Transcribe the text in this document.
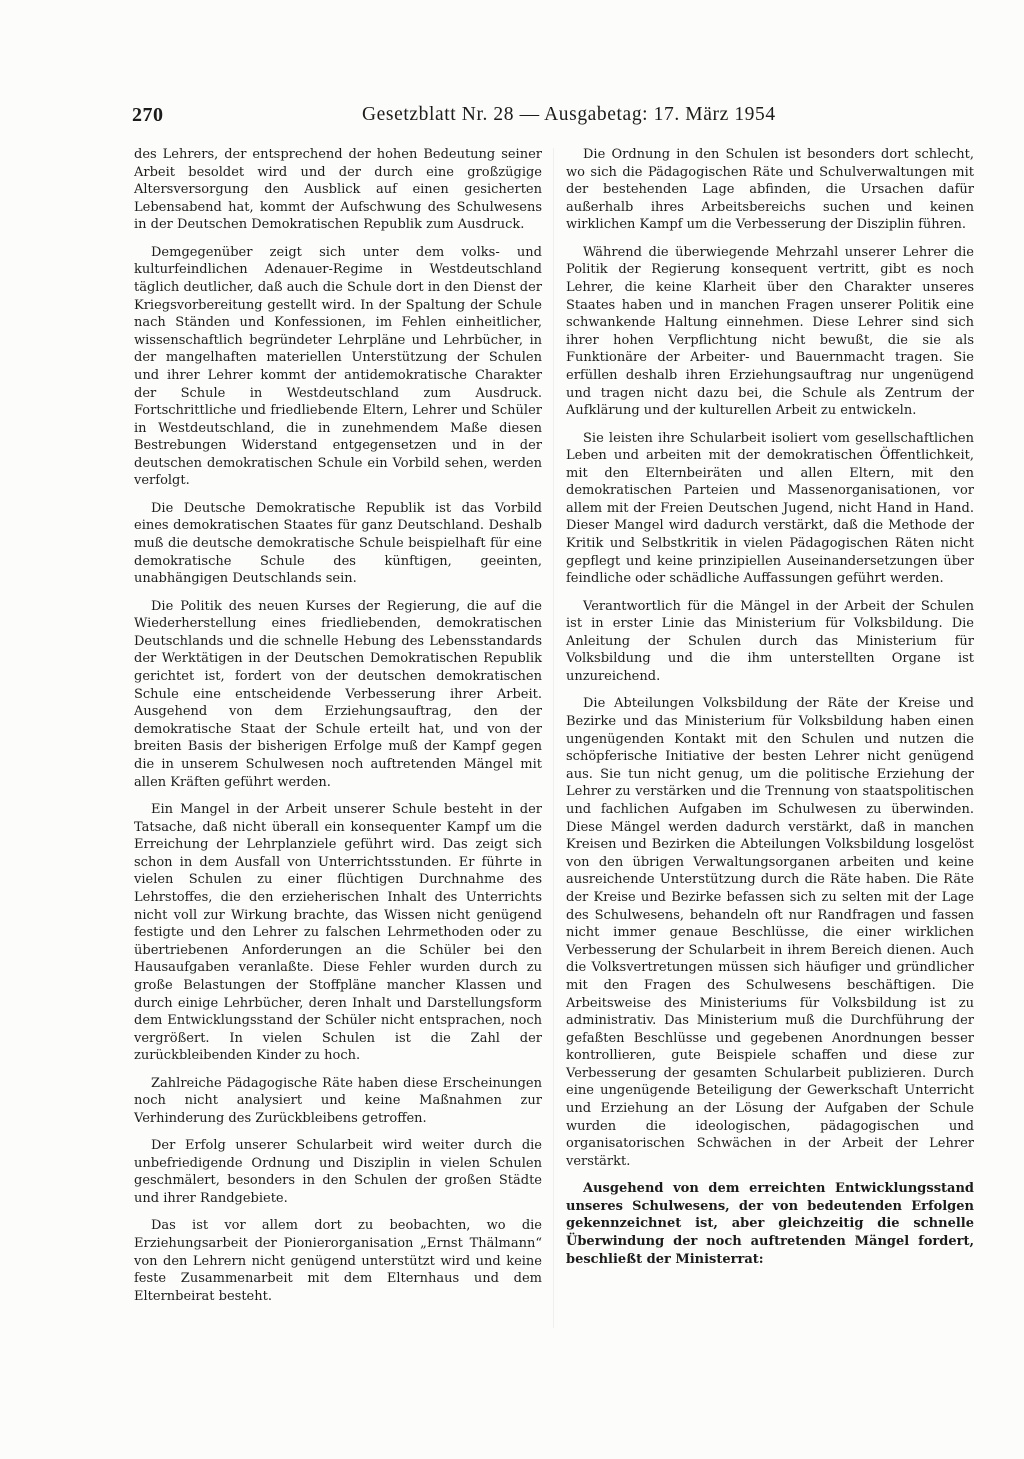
270	Gesetzblatt Nr. 28 — Ausgabetag: 17. März 1954

des Lehrers, der entsprechend der hohen Bedeutung seiner Arbeit besoldet wird und der durch eine großzügige Altersversorgung den Ausblick auf einen gesicherten Lebensabend hat, kommt der Aufschwung des Schulwesens in der Deutschen Demokratischen Republik zum Ausdruck.

Demgegenüber zeigt sich unter dem volks- und kulturfeindlichen Adenauer-Regime in Westdeutschland täglich deutlicher, daß auch die Schule dort in den Dienst der Kriegsvorbereitung gestellt wird. In der Spaltung der Schule nach Ständen und Konfessionen, im Fehlen einheitlicher, wissenschaftlich begründeter Lehrpläne und Lehrbücher, in der mangelhaften materiellen Unterstützung der Schulen und ihrer Lehrer kommt der antidemokratische Charakter der Schule in Westdeutschland zum Ausdruck. Fortschrittliche und friedliebende Eltern, Lehrer und Schüler in Westdeutschland, die in zunehmendem Maße diesen Bestrebungen Widerstand entgegensetzen und in der deutschen demokratischen Schule ein Vorbild sehen, werden verfolgt.

Die Deutsche Demokratische Republik ist das Vorbild eines demokratischen Staates für ganz Deutschland. Deshalb muß die deutsche demokratische Schule beispielhaft für eine demokratische Schule des künftigen, geeinten, unabhängigen Deutschlands sein.

Die Politik des neuen Kurses der Regierung, die auf die Wiederherstellung eines friedliebenden, demokratischen Deutschlands und die schnelle Hebung des Lebensstandards der Werktätigen in der Deutschen Demokratischen Republik gerichtet ist, fordert von der deutschen demokratischen Schule eine entscheidende Verbesserung ihrer Arbeit. Ausgehend von dem Erziehungsauftrag, den der demokratische Staat der Schule erteilt hat, und von der breiten Basis der bisherigen Erfolge muß der Kampf gegen die in unserem Schulwesen noch auftretenden Mängel mit allen Kräften geführt werden.

Ein Mangel in der Arbeit unserer Schule besteht in der Tatsache, daß nicht überall ein konsequenter Kampf um die Erreichung der Lehrplanziele geführt wird. Das zeigt sich schon in dem Ausfall von Unterrichtsstunden. Er führte in vielen Schulen zu einer flüchtigen Durchnahme des Lehrstoffes, die den erzieherischen Inhalt des Unterrichts nicht voll zur Wirkung brachte, das Wissen nicht genügend festigte und den Lehrer zu falschen Lehrmethoden oder zu übertriebenen Anforderungen an die Schüler bei den Hausaufgaben veranlaßte. Diese Fehler wurden durch zu große Belastungen der Stoffpläne mancher Klassen und durch einige Lehrbücher, deren Inhalt und Darstellungsform dem Entwicklungsstand der Schüler nicht entsprachen, noch vergrößert. In vielen Schulen ist die Zahl der zurückbleibenden Kinder zu hoch.

Zahlreiche Pädagogische Räte haben diese Erscheinungen noch nicht analysiert und keine Maßnahmen zur Verhinderung des Zurückbleibens getroffen.

Der Erfolg unserer Schularbeit wird weiter durch die unbefriedigende Ordnung und Disziplin in vielen Schulen geschmälert, besonders in den Schulen der großen Städte und ihrer Randgebiete.

Das ist vor allem dort zu beobachten, wo die Erziehungsarbeit der Pionierorganisation „Ernst Thälmann“ von den Lehrern nicht genügend unterstützt wird und keine feste Zusammenarbeit mit dem Elternhaus und dem Elternbeirat besteht.

Die Ordnung in den Schulen ist besonders dort schlecht, wo sich die Pädagogischen Räte und Schulverwaltungen mit der bestehenden Lage abfinden, die Ursachen dafür außerhalb ihres Arbeitsbereichs suchen und keinen wirklichen Kampf um die Verbesserung der Disziplin führen.

Während die überwiegende Mehrzahl unserer Lehrer die Politik der Regierung konsequent vertritt, gibt es noch Lehrer, die keine Klarheit über den Charakter unseres Staates haben und in manchen Fragen unserer Politik eine schwankende Haltung einnehmen. Diese Lehrer sind sich ihrer hohen Verpflichtung nicht bewußt, die sie als Funktionäre der Arbeiter- und Bauernmacht tragen. Sie erfüllen deshalb ihren Erziehungsauftrag nur ungenügend und tragen nicht dazu bei, die Schule als Zentrum der Aufklärung und der kulturellen Arbeit zu entwickeln.

Sie leisten ihre Schularbeit isoliert vom gesellschaftlichen Leben und arbeiten mit der demokratischen Öffentlichkeit, mit den Elternbeiräten und allen Eltern, mit den demokratischen Parteien und Massenorganisationen, vor allem mit der Freien Deutschen Jugend, nicht Hand in Hand. Dieser Mangel wird dadurch verstärkt, daß die Methode der Kritik und Selbstkritik in vielen Pädagogischen Räten nicht gepflegt und keine prinzipiellen Auseinandersetzungen über feindliche oder schädliche Auffassungen geführt werden.

Verantwortlich für die Mängel in der Arbeit der Schulen ist in erster Linie das Ministerium für Volksbildung. Die Anleitung der Schulen durch das Ministerium für Volksbildung und die ihm unterstellten Organe ist unzureichend.

Die Abteilungen Volksbildung der Räte der Kreise und Bezirke und das Ministerium für Volksbildung haben einen ungenügenden Kontakt mit den Schulen und nutzen die schöpferische Initiative der besten Lehrer nicht genügend aus. Sie tun nicht genug, um die politische Erziehung der Lehrer zu verstärken und die Trennung von staatspolitischen und fachlichen Aufgaben im Schulwesen zu überwinden. Diese Mängel werden dadurch verstärkt, daß in manchen Kreisen und Bezirken die Abteilungen Volksbildung losgelöst von den übrigen Verwaltungsorganen arbeiten und keine ausreichende Unterstützung durch die Räte haben. Die Räte der Kreise und Bezirke befassen sich zu selten mit der Lage des Schulwesens, behandeln oft nur Randfragen und fassen nicht immer genaue Beschlüsse, die einer wirklichen Verbesserung der Schularbeit in ihrem Bereich dienen. Auch die Volksvertretungen müssen sich häufiger und gründlicher mit den Fragen des Schulwesens beschäftigen. Die Arbeitsweise des Ministeriums für Volksbildung ist zu administrativ. Das Ministerium muß die Durchführung der gefaßten Beschlüsse und gegebenen Anordnungen besser kontrollieren, gute Beispiele schaffen und diese zur Verbesserung der gesamten Schularbeit publizieren. Durch eine ungenügende Beteiligung der Gewerkschaft Unterricht und Erziehung an der Lösung der Aufgaben der Schule wurden die ideologischen, pädagogischen und organisatorischen Schwächen in der Arbeit der Lehrer verstärkt.

Ausgehend von dem erreichten Entwicklungsstand unseres Schulwesens, der von bedeutenden Erfolgen gekennzeichnet ist, aber gleichzeitig die schnelle Überwindung der noch auftretenden Mängel fordert, beschließt der Ministerrat:
